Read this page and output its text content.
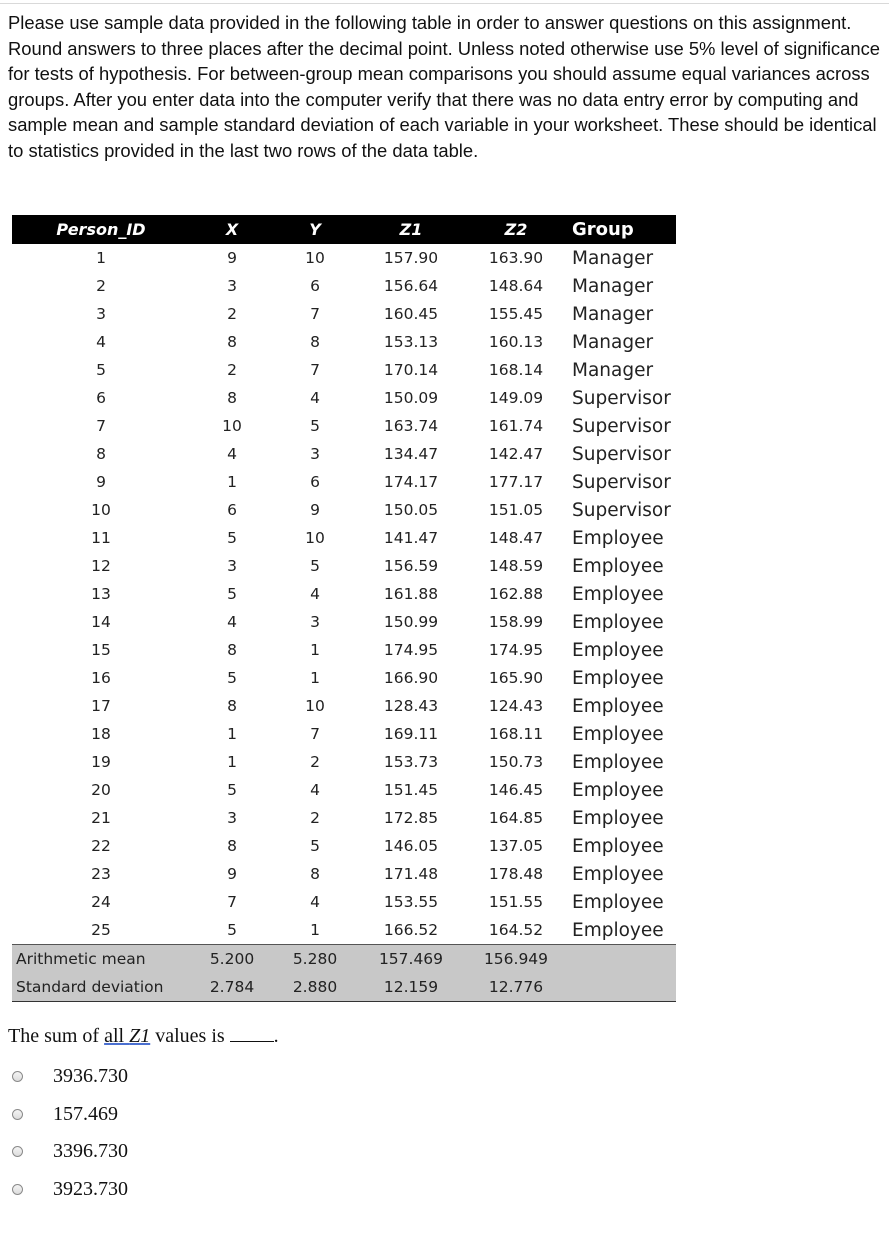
Please use sample data provided in the following table in order to answer questions on this assignment. Round answers to three places after the decimal point. Unless noted otherwise use 5% level of significance for tests of hypothesis. For between-group mean comparisons you should assume equal variances across groups. After you enter data into the computer verify that there was no data entry error by computing and sample mean and sample standard deviation of each variable in your worksheet. These should be identical to statistics provided in the last two rows of the data table.

Person_ID	X	Y	Z1	Z2	Group
1	9	10	157.90	163.90	Manager
2	3	6	156.64	148.64	Manager
3	2	7	160.45	155.45	Manager
4	8	8	153.13	160.13	Manager
5	2	7	170.14	168.14	Manager
6	8	4	150.09	149.09	Supervisor
7	10	5	163.74	161.74	Supervisor
8	4	3	134.47	142.47	Supervisor
9	1	6	174.17	177.17	Supervisor
10	6	9	150.05	151.05	Supervisor
11	5	10	141.47	148.47	Employee
12	3	5	156.59	148.59	Employee
13	5	4	161.88	162.88	Employee
14	4	3	150.99	158.99	Employee
15	8	1	174.95	174.95	Employee
16	5	1	166.90	165.90	Employee
17	8	10	128.43	124.43	Employee
18	1	7	169.11	168.11	Employee
19	1	2	153.73	150.73	Employee
20	5	4	151.45	146.45	Employee
21	3	2	172.85	164.85	Employee
22	8	5	146.05	137.05	Employee
23	9	8	171.48	178.48	Employee
24	7	4	153.55	151.55	Employee
25	5	1	166.52	164.52	Employee
Arithmetic mean	5.200	5.280	157.469	156.949	
Standard deviation	2.784	2.880	12.159	12.776	

The sum of all Z1 values is .

3936.730
157.469
3396.730
3923.730
